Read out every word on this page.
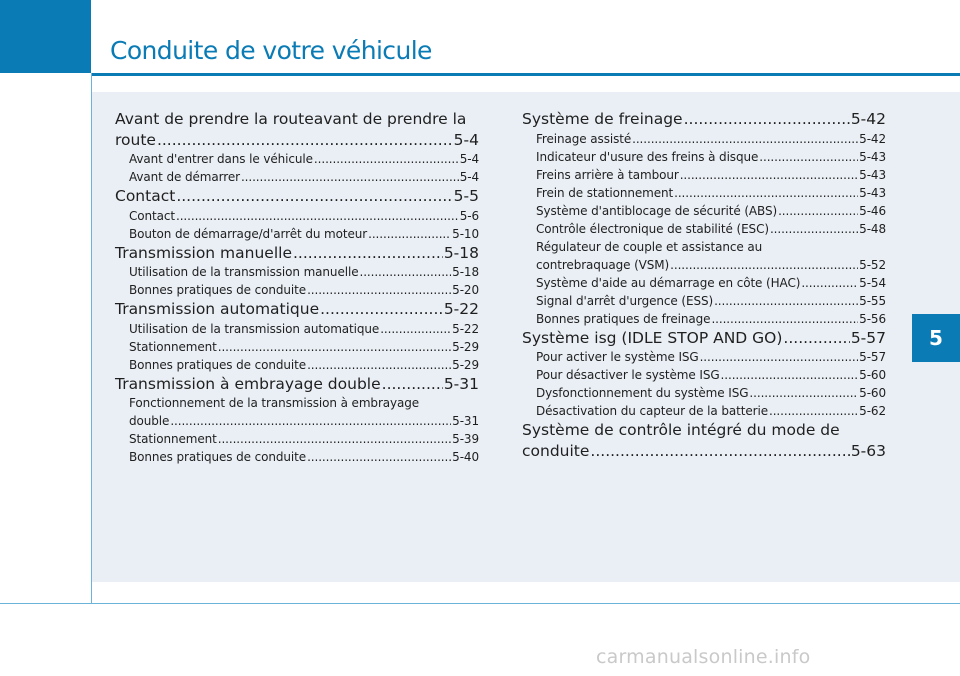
Conduite de votre véhicule
5
Avant de prendre la routeavant de prendre la
route .....	5-4
Avant d'entrer dans le véhicule .....	5-4
Avant de démarrer .....	5-4
Contact .....	5-5
Contact .....	5-6
Bouton de démarrage/d'arrêt du moteur .....	5-10
Transmission manuelle .....	5-18
Utilisation de la transmission manuelle .....	5-18
Bonnes pratiques de conduite .....	5-20
Transmission automatique .....	5-22
Utilisation de la transmission automatique .....	5-22
Stationnement .....	5-29
Bonnes pratiques de conduite .....	5-29
Transmission à embrayage double .....	5-31
Fonctionnement de la transmission à embrayage
double .....	5-31
Stationnement .....	5-39
Bonnes pratiques de conduite .....	5-40
Système de freinage .....	5-42
Freinage assisté .....	5-42
Indicateur d'usure des freins à disque .....	5-43
Freins arrière à tambour .....	5-43
Frein de stationnement .....	5-43
Système d'antiblocage de sécurité (ABS) .....	5-46
Contrôle électronique de stabilité (ESC) .....	5-48
Régulateur de couple et assistance au
contrebraquage (VSM) .....	5-52
Système d'aide au démarrage en côte (HAC) .....	5-54
Signal d'arrêt d'urgence (ESS) .....	5-55
Bonnes pratiques de freinage .....	5-56
Système isg (IDLE STOP AND GO) .....	5-57
Pour activer le système ISG .....	5-57
Pour désactiver le système ISG .....	5-60
Dysfonctionnement du système ISG .....	5-60
Désactivation du capteur de la batterie .....	5-62
Système de contrôle intégré du mode de
conduite .....	5-63
carmanualsonline.info
